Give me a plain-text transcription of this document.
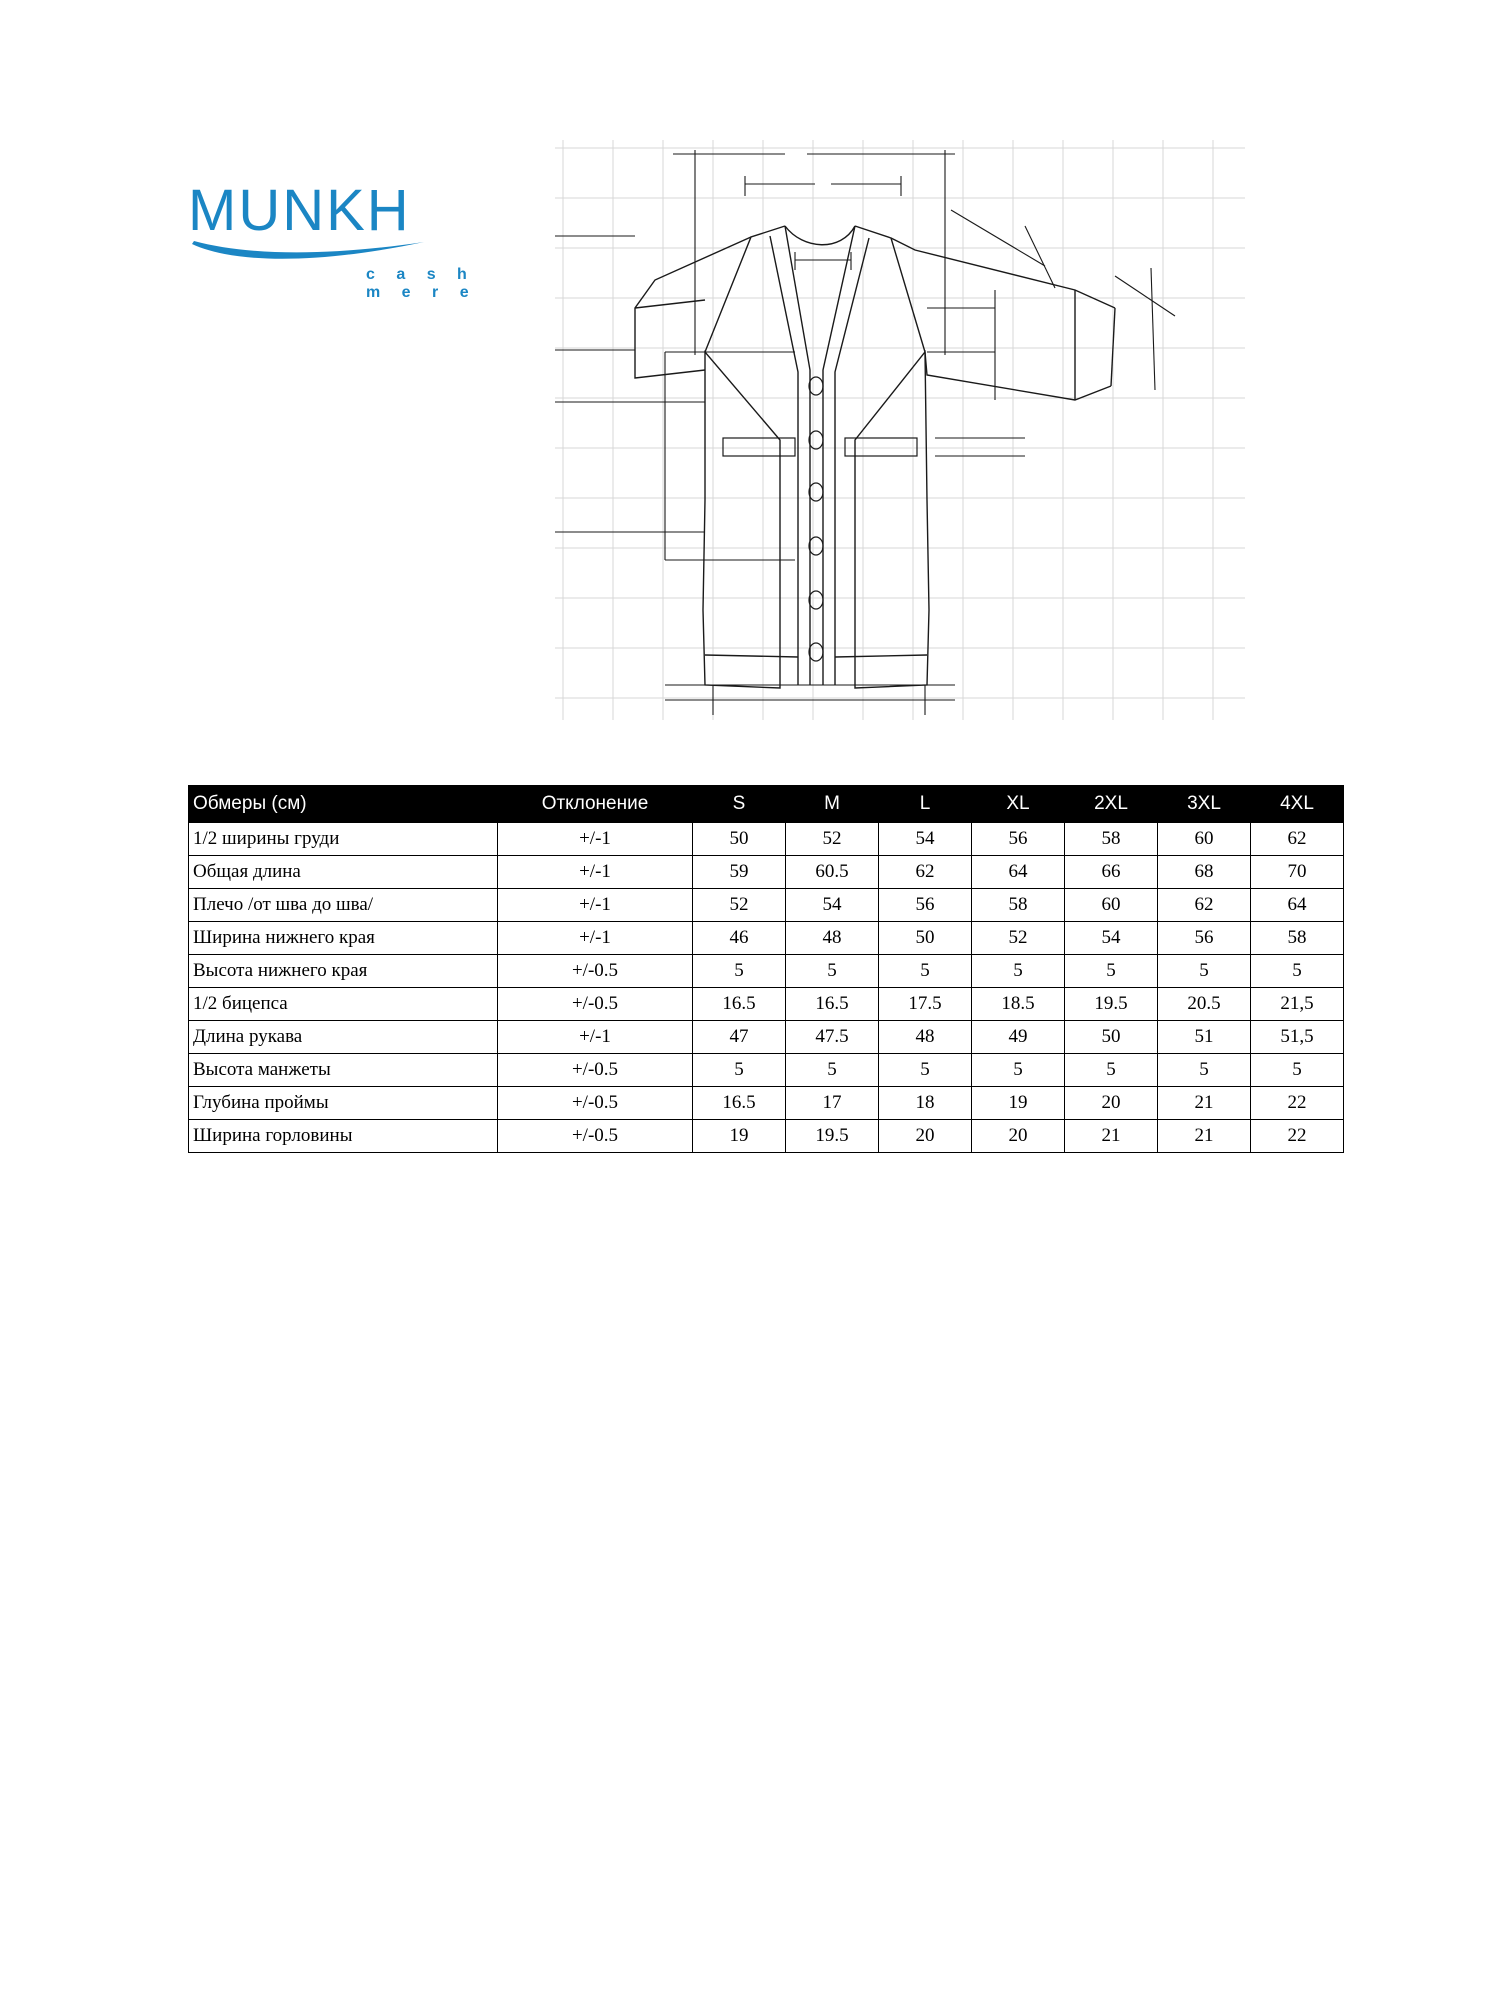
MUNKH
c a s h m e r e
Обмеры (см)	Отклонение	S	M	L	XL	2XL	3XL	4XL
1/2 ширины груди	+/-1	50	52	54	56	58	60	62
Общая длина	+/-1	59	60.5	62	64	66	68	70
Плечо /от шва до шва/	+/-1	52	54	56	58	60	62	64
Ширина нижнего края	+/-1	46	48	50	52	54	56	58
Высота нижнего края	+/-0.5	5	5	5	5	5	5	5
1/2 бицепса	+/-0.5	16.5	16.5	17.5	18.5	19.5	20.5	21,5
Длина рукава	+/-1	47	47.5	48	49	50	51	51,5
Высота манжеты	+/-0.5	5	5	5	5	5	5	5
Глубина проймы	+/-0.5	16.5	17	18	19	20	21	22
Ширина горловины	+/-0.5	19	19.5	20	20	21	21	22
